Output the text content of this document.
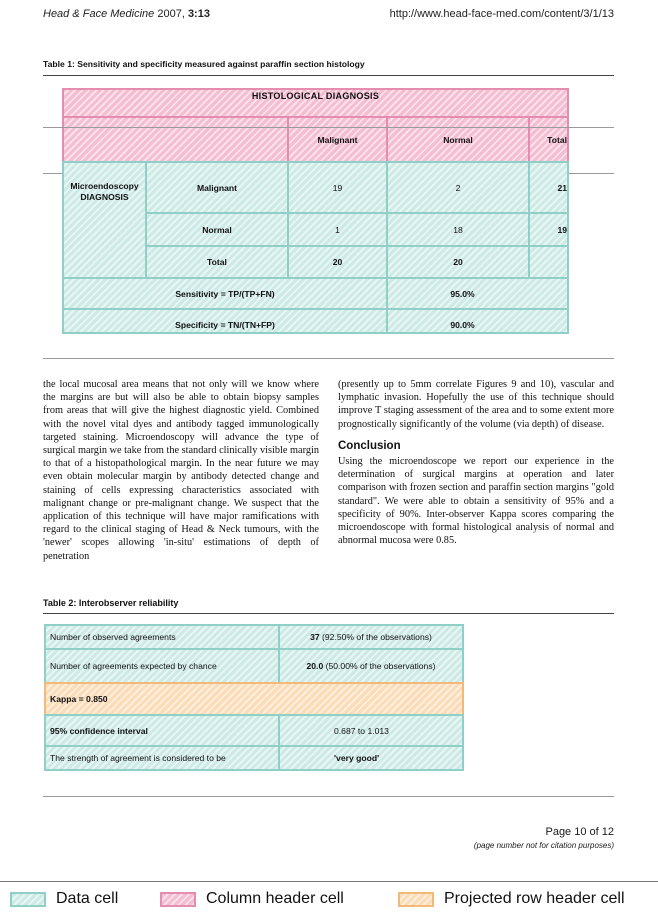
Head & Face Medicine 2007, 3:13	http://www.head-face-med.com/content/3/1/13
Table 1: Sensitivity and specificity measured against paraffin section histology
HISTOLOGICAL DIAGNOSIS
Malignant	Normal	Total
Microendoscopy DIAGNOSIS
Malignant	19	2	21
Normal	1	18	19
Total	20	20
Sensitivity = TP/(TP+FN)	95.0%
Specificity = TN/(TN+FP)	90.0%

the local mucosal area means that not only will we know where the margins are but will also be able to obtain biopsy samples from areas that will give the highest diagnostic yield. Combined with the novel vital dyes and antibody tagged immunologically targeted staining. Microendoscopy will advance the type of surgical margin we take from the standard clinically visible margin to that of a histopathological margin. In the near future we may even obtain molecular margin by antibody detected change and staining of cells expressing characteristics associated with malignant change or pre-malignant change. We suspect that the application of this technique will have major ramifications with regard to the clinical staging of Head & Neck tumours, with the 'newer' scopes allowing 'in-situ' estimations of depth of penetration

(presently up to 5mm correlate Figures 9 and 10), vascular and lymphatic invasion. Hopefully the use of this technique should improve T staging assessment of the area and to some extent more prognostically significantly of the volume (via depth) of disease.

Conclusion

Using the microendoscope we report our experience in the determination of surgical margins at operation and later comparison with frozen section and paraffin section margins "gold standard". We were able to obtain a sensitivity of 95% and a specificity of 90%. Inter-observer Kappa scores comparing the microendoscope with formal histological analysis of normal and abnormal mucosa were 0.85.

Table 2: Interobserver reliability
Number of observed agreements	37 (92.50% of the observations)
Number of agreements expected by chance	20.0 (50.00% of the observations)
Kappa = 0.850
95% confidence interval	0.687 to 1.013
The strength of agreement is considered to be	'very good'
Page 10 of 12
(page number not for citation purposes)
Data cell	Column header cell	Projected row header cell
